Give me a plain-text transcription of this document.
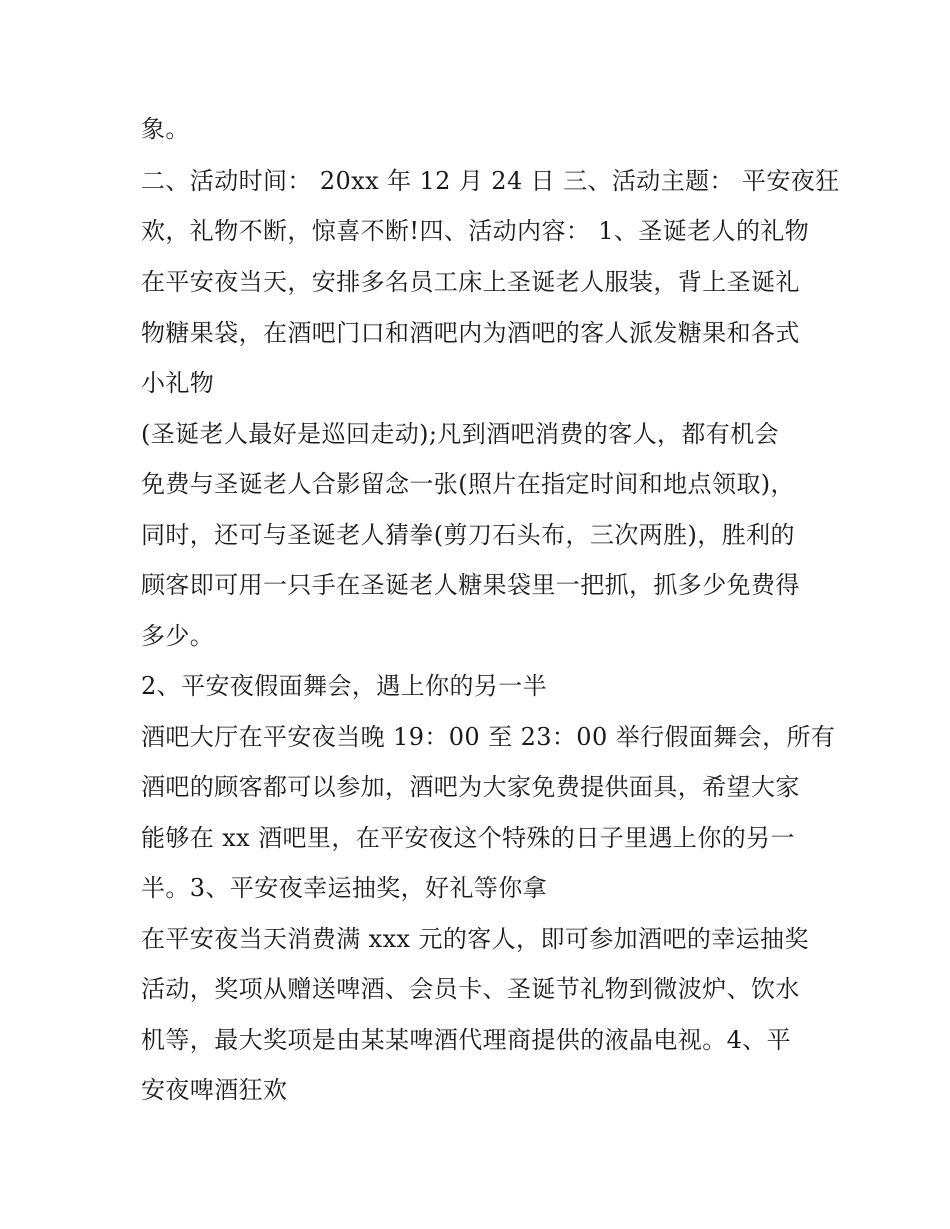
象。
二、活动时间： 20xx 年 12 月 24 日 三、活动主题： 平安夜狂
欢，礼物不断，惊喜不断!四、活动内容： 1、圣诞老人的礼物
在平安夜当天，安排多名员工床上圣诞老人服装，背上圣诞礼
物糖果袋，在酒吧门口和酒吧内为酒吧的客人派发糖果和各式
小礼物
(圣诞老人最好是巡回走动);凡到酒吧消费的客人，都有机会
免费与圣诞老人合影留念一张(照片在指定时间和地点领取)，
同时，还可与圣诞老人猜拳(剪刀石头布，三次两胜)，胜利的
顾客即可用一只手在圣诞老人糖果袋里一把抓，抓多少免费得
多少。
2、平安夜假面舞会，遇上你的另一半
酒吧大厅在平安夜当晚 19：00 至 23：00 举行假面舞会，所有
酒吧的顾客都可以参加，酒吧为大家免费提供面具，希望大家
能够在 xx 酒吧里，在平安夜这个特殊的日子里遇上你的另一
半。3、平安夜幸运抽奖，好礼等你拿
在平安夜当天消费满 xxx 元的客人，即可参加酒吧的幸运抽奖
活动，奖项从赠送啤酒、会员卡、圣诞节礼物到微波炉、饮水
机等，最大奖项是由某某啤酒代理商提供的液晶电视。4、平
安夜啤酒狂欢
